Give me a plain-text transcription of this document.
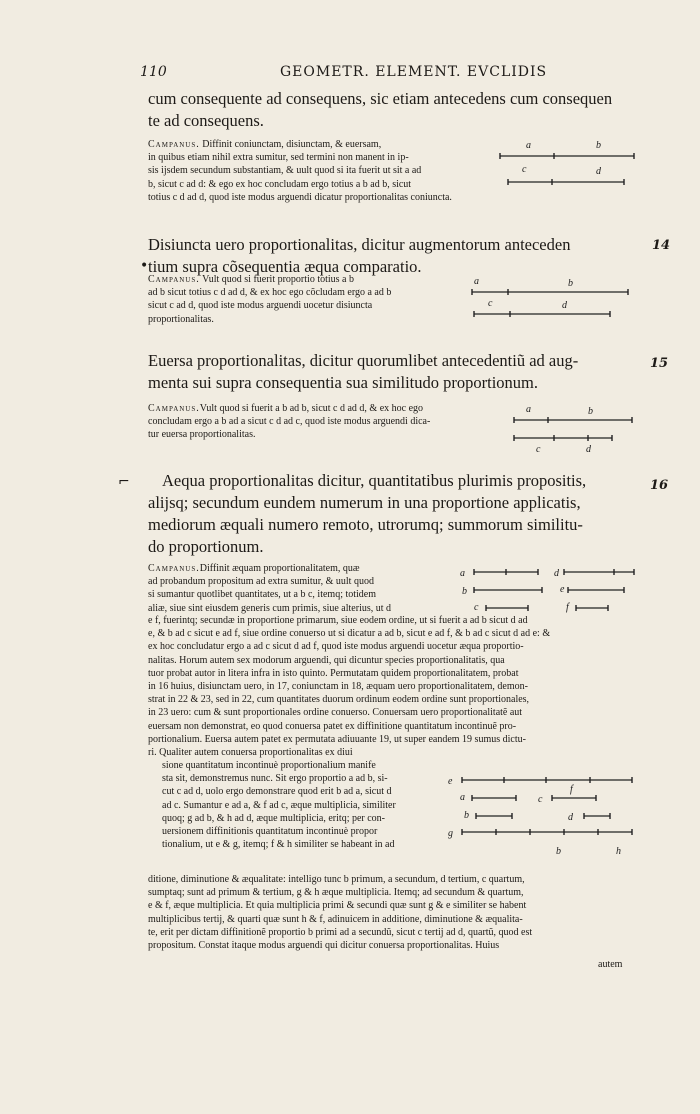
110	GEOMETR. ELEMENT. EVCLIDIS
cum consequente ad consequens, sic etiam antecedens cum consequen
te ad consequens.
Campanus. Diffinit coniunctam, disiunctam, & euersam,
in quibus etiam nihil extra sumitur, sed termini non manent in ip-
sis ijsdem secundum substantiam, & uult quod si ita fuerit ut sit a ad
b, sicut c ad d: & ego ex hoc concludam ergo totius a b ad b, sicut
totius c d ad d, quod iste modus arguendi dicatur proportionalitas coniuncta.
a	b
c	d
14
•
Disiuncta uero proportionalitas, dicitur augmentorum anteceden
tium supra cõsequentia æqua comparatio.
Campanus. Vult quod si fuerit proportio totius a b
ad b sicut totius c d ad d, & ex hoc ego cõcludam ergo a ad b
sicut c ad d, quod iste modus arguendi uocetur disiuncta
proportionalitas.
a	b
c	d
15
Euersa proportionalitas, dicitur quorumlibet antecedentiũ ad aug-
menta sui supra consequentia sua similitudo proportionum.
Campanus.Vult quod si fuerit a b ad b, sicut c d ad d, & ex hoc ego
concludam ergo a b ad a sicut c d ad c, quod iste modus arguendi dica-
tur euersa proportionalitas.
a	b
c	d
⌐	16
Aequa proportionalitas dicitur, quantitatibus plurimis propositis,
alijsq; secundum eundem numerum in una proportione applicatis,
mediorum æquali numero remoto, utrorumq; summorum similitu-
do proportionum.
Campanus.Diffinit æquam proportionalitatem, quæ
ad probandum propositum ad extra sumitur, & uult quod
si sumantur quotlibet quantitates, ut a b c, itemq; totidem
aliæ, siue sint eiusdem generis cum primis, siue alterius, ut d
a	d
b	e
c	f
e f, fuerintq; secundæ in proportione primarum, siue eodem ordine, ut si fuerit a ad b sicut d ad
e, & b ad c sicut e ad f, siue ordine conuerso ut si dicatur a ad b, sicut e ad f, & b ad c sicut d ad e: &
ex hoc concludatur ergo a ad c sicut d ad f, quod iste modus arguendi uocetur æqua proportio-
nalitas. Horum autem sex modorum arguendi, qui dicuntur species proportionalitatis, qua
tuor probat autor in litera infra in isto quinto. Permutatam quidem proportionalitatem, probat
in 16 huius, disiunctam uero, in 17, coniunctam in 18, æquam uero proportionalitatem, demon-
strat in 22 & 23, sed in 22, cum quantitates duorum ordinum eodem ordine sunt proportionales,
in 23 uero: cum & sunt proportionales ordine conuerso. Conuersam uero proportionalitatẽ aut
euersam non demonstrat, eo quod conuersa patet ex diffinitione quantitatum incontinuẽ pro-
portionalium. Euersa autem patet ex permutata adiuuante 19, ut super eandem 19 sumus dictu-
ri. Qualiter autem conuersa proportionalitas ex diui
sione quantitatum incontinuè proportionalium manife
sta sit, demonstremus nunc. Sit ergo proportio a ad b, si-
cut c ad d, uolo ergo demonstrare quod erit b ad a, sicut d
ad c. Sumantur e ad a, & f ad c, æque multiplicia, similiter
quoq; g ad b, & h ad d, æque multiplicia, eritq; per con-
uersionem diffinitionis quantitatum incontinuè propor
tionalium, ut e & g, itemq; f & h similiter se habeant in ad
e
a	c
f
b	d
g
b	h
ditione, diminutione & æqualitate: intelligo tunc b primum, a secundum, d tertium, c quartum,
sumptaq; sunt ad primum & tertium, g & h æque multiplicia. Itemq; ad secundum & quartum,
e & f, æque multiplicia. Et quia multiplicia primi & secundi quæ sunt g & e similiter se habent
multiplicibus tertij, & quarti quæ sunt h & f, adinuicem in additione, diminutione & æqualita-
te, erit per dictam diffinitionẽ proportio b primi ad a secundũ, sicut c tertij ad d, quartũ, quod est
propositum. Constat itaque modus arguendi qui dicitur conuersa proportionalitas. Huius
autem
